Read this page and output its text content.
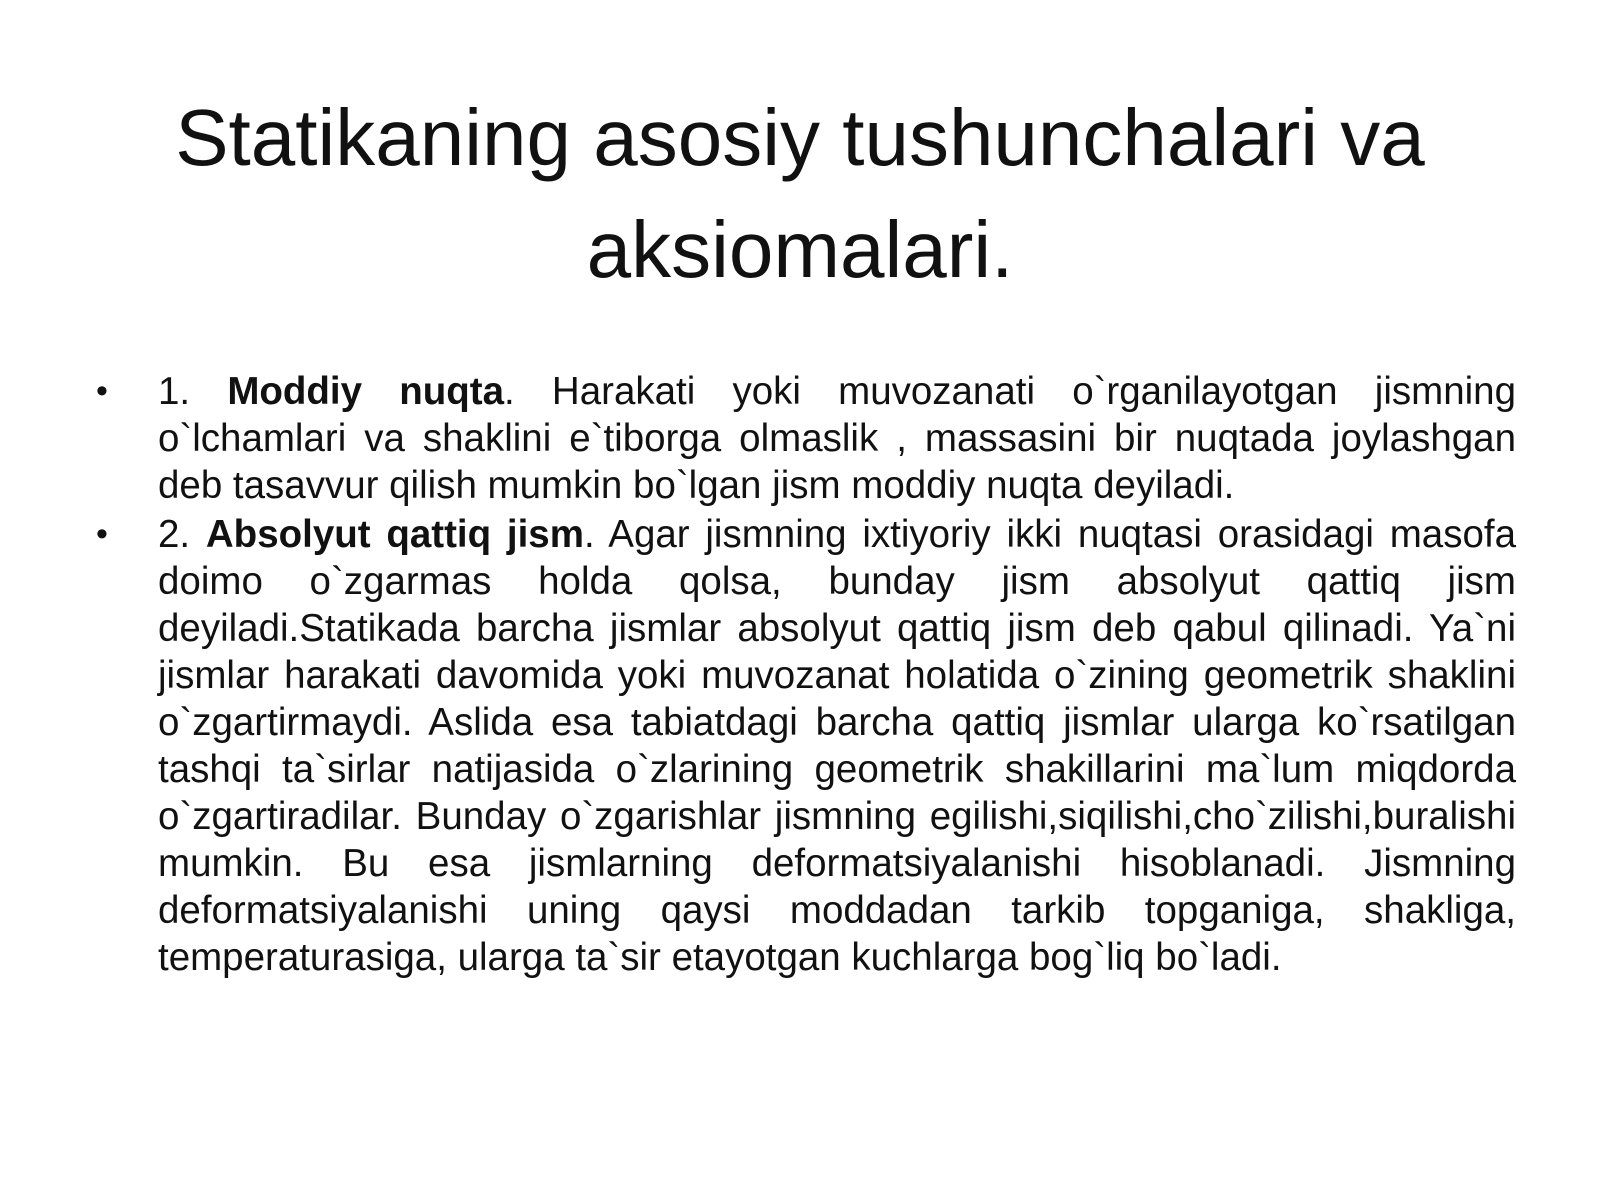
Statikaning asosiy tushunchalari va aksiomalari.
•	1. Moddiy nuqta. Harakati yoki muvozanati o`rganilayotgan jismning o`lchamlari va shaklini e`tiborga olmaslik , massasini bir nuqtada joylashgan deb tasavvur qilish mumkin bo`lgan jism moddiy nuqta deyiladi.
•	2. Absolyut qattiq jism. Agar jismning ixtiyoriy ikki nuqtasi orasidagi masofa doimo o`zgarmas holda qolsa, bunday jism absolyut qattiq jism deyiladi.Statikada barcha jismlar absolyut qattiq jism deb qabul qilinadi. Ya`ni jismlar harakati davomida yoki muvozanat holatida o`zining geometrik shaklini o`zgartirmaydi. Aslida esa tabiatdagi barcha qattiq jismlar ularga ko`rsatilgan tashqi ta`sirlar natijasida o`zlarining geometrik shakillarini ma`lum miqdorda o`zgartiradilar. Bunday o`zgarishlar jismning egilishi,siqilishi,cho`zilishi,buralishi mumkin. Bu esa jismlarning deformatsiyalanishi hisoblanadi. Jismning deformatsiyalanishi uning qaysi moddadan tarkib topganiga, shakliga, temperaturasiga, ularga ta`sir etayotgan kuchlarga bog`liq bo`ladi.
